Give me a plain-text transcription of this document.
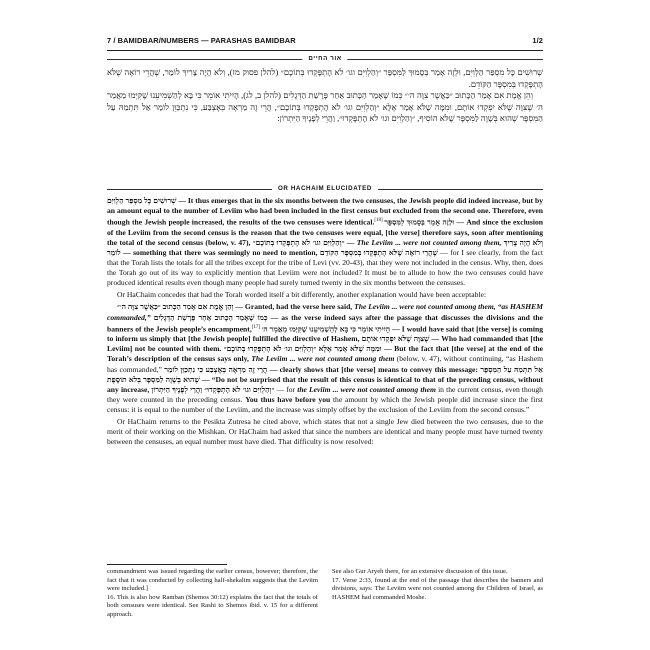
7 / BAMIDBAR/NUMBERS — PARASHAS BAMIDBAR	1/2
אור החיים

שְׁרוּשִׁים כָּל מִסְפַּר הַלְוִיִּם, וּלְזֶה אָמַר בְּסָמוּךְ לַמִּסְפָּר ״וְהַלְוִיִּם וגו׳ לֹא הָתְפָּקְדוּ בְּתוֹכָם״ (להלן פסוק מז), וְלֹא הָיָה צָרִיךְ לוֹמַר, שֶׁהֲרֵי רוֹאֶה שֶׁלֹּא הָתְפָּקְדוּ בְּמִסְפָּר הַקּוֹדֵם.

וְהֵן אֱמֶת אִם אָמַר הַכָּתוּב ״כַּאֲשֶׁר צִוָּה ה׳״ כְּמוֹ שֶׁאָמַר הַכָּתוּב אַחַר פָּרָשַׁת הַדְּגָלִים (להלן ב, לג), הָיִיתִי אוֹמֵר כִּי בָּא לְהַשְׁמִיעֵנוּ שֶׁקִּיְּמוּ מַאֲמַר ה׳ שֶׁצִּוָּה שֶׁלֹּא יִפְקְדוּ אוֹתָם, וּמִמָּה שֶׁלֹּא אָמַר אֶלָּא ״וְהַלְוִיִּם וגו׳ לֹא הָתְפָּקְדוּ בְּתוֹכָם״, הֲרֵי זֶה מַרְאֶה בְּאֶצְבַּע, כִּי נִתְכַּוֵּן לוֹמַר אַל תִּתְמַהּ עַל הַמִּסְפָּר שֶׁהוּא בְּשָׁוֶה לַמִּסְפָּר שֶׁלֹּא הוֹסִיף, ״וְהַלְוִיִּם וגו׳ לֹא הָתְפָּקְדוּ״, וַהֲרֵי לְפָנֶיךָ הַיִּתְרוֹן:

OR HACHAIM ELUCIDATED

שְׁרוּשִׁים כָּל מִסְפַּר הַלְוִיִּם — It thus emerges that in the six months between the two censuses, the Jewish people did indeed increase, but by an amount equal to the number of Leviim who had been included in the first census but excluded from the second one. Therefore, even though the Jewish people increased, the results of the two censuses were identical.[18] וּלְזֶה אָמַר בְּסָמוּךְ לַמִּסְפָּר — And since the exclusion of the Leviim from the second census is the reason that the two censuses were equal, [the verse] therefore says, soon after mentioning the total of the second census (below, v. 47), ״וְהַלְוִיִּם וגו׳ לֹא הָתְפָּקְדוּ בְּתוֹכָם״ — The Leviim ... were not counted among them, וְלֹא הָיָה צָרִיךְ לוֹמַר — something that there was seemingly no need to mention, שֶׁהֲרֵי רוֹאֶה שֶׁלֹּא הָתְפָּקְדוּ בְּמִסְפָּר הַקּוֹדֵם — for I see clearly, from the fact that the Torah lists the totals for all the tribes except for the tribe of Levi (vv. 20-43), that they were not included in the census. Why, then, does the Torah go out of its way to explicitly mention that Leviim were not included? It must be to allude to how the two censuses could have produced identical results even though many people had surely turned twenty in the six months between the censuses.

Or HaChaim concedes that had the Torah worded itself a bit differently, another explanation would have been acceptable:

וְהֵן אֱמֶת אִם אָמַר הַכָּתוּב ״כַּאֲשֶׁר צִוָּה ה׳״ — Granted, had the verse here said, The Leviim ... were not counted among them, “as HASHEM commanded,” כְּמוֹ שֶׁאָמַר הַכָּתוּב אַחַר פָּרָשַׁת הַדְּגָלִים — as the verse indeed says after the passage that discusses the divisions and the banners of the Jewish people’s encampment,[17] הָיִיתִי אוֹמֵר כִּי בָּא לְהַשְׁמִיעֵנוּ שֶׁקִּיְּמוּ מַאֲמַר ה׳ — I would have said that [the verse] is coming to inform us simply that [the Jewish people] fulfilled the directive of Hashem, שֶׁצִּוָּה שֶׁלֹּא יִפְקְדוּ אוֹתָם — Who had commanded that [the Leviim] not be counted with them. וּמִמָּה שֶׁלֹּא אָמַר אֶלָּא ״וְהַלְוִיִּם וגו׳ לֹא הָתְפָּקְדוּ בְּתוֹכָם״ — But the fact that [the verse] at the end of the Torah’s description of the census says only, The Leviim ... were not counted among them (below, v. 47), without continuing, “as Hashem has commanded,” הֲרֵי זֶה מַרְאֶה בְּאֶצְבַּע כִּי נִתְכַּוֵּן לוֹמַר — clearly shows that [the verse] means to convey this message: אַל תִּתְמַהּ עַל הַמִּסְפָּר שֶׁהוּא בְּשָׁוֶה לַמִּסְפָּר בְּלֹא תוֹסֶפֶת — “Do not be surprised that the result of this census is identical to that of the preceding census, without any increase, ״וְהַלְוִיִּם וגו׳ לֹא הָתְפָּקְדוּ״ וַהֲרֵי לְפָנֶיךָ הַיִּתְרוֹן — for the Leviim ... were not counted among them in the current census, even though they were counted in the preceding census. You thus have before you the amount by which the Jewish people did increase since the first census: it is equal to the number of the Leviim, and the increase was simply offset by the exclusion of the Leviim from the second census.”

Or HaChaim returns to the Pesikta Zutresa he cited above, which states that not a single Jew died between the two censuses, due to the merit of their working on the Mishkan. Or HaChaim had asked that since the numbers are identical and many people must have turned twenty between the censuses, an equal number must have died. That difficulty is now resolved:

commandment was issued regarding the earlier census, however; therefore, the fact that it was conducted by collecting half-shekalim suggests that the Leviim were included.]

16. This is also how Ramban (Shemos 30:12) explains the fact that the totals of both censuses were identical. See Rashi to Shemos ibid. v. 15 for a different approach.

See also Gur Aryeh there, for an extensive discussion of this issue.

17. Verse 2:33, found at the end of the passage that describes the banners and divisions, says: The Leviim were not counted among the Children of Israel, as HASHEM had commanded Moshe.
